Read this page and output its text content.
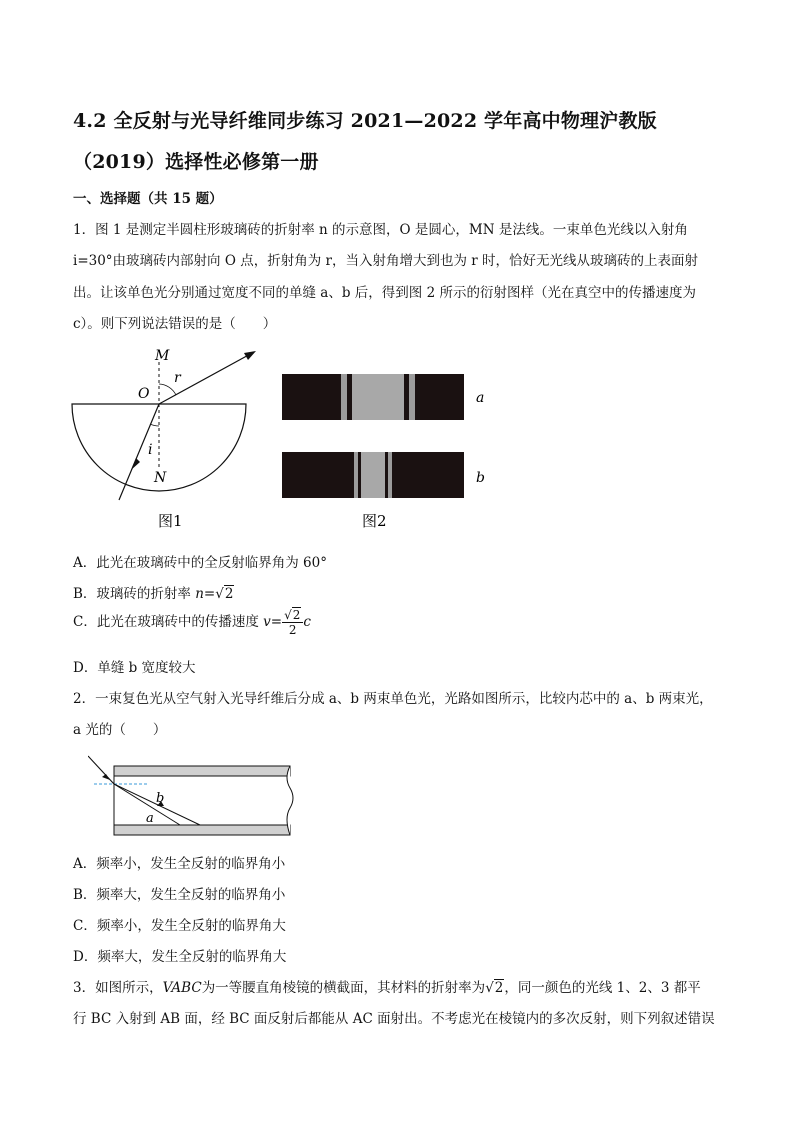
4.2 全反射与光导纤维同步练习 2021—2022 学年高中物理沪教版
（2019）选择性必修第一册
一、选择题（共 15 题）
1．图 1 是测定半圆柱形玻璃砖的折射率 n 的示意图，O 是圆心，MN 是法线。一束单色光线以入射角
i=30°由玻璃砖内部射向 O 点，折射角为 r，当入射角增大到也为 r 时，恰好无光线从玻璃砖的上表面射
出。让该单色光分别通过宽度不同的单缝 a、b 后，得到图 2 所示的衍射图样（光在真空中的传播速度为
c）。则下列说法错误的是（　　）
M
O
r
i
N
图1
a
b
图2
A．此光在玻璃砖中的全反射临界角为 60°
B．玻璃砖的折射率 n=√2
C．此光在玻璃砖中的传播速度 $v= \frac{√2}{2}$ c
D．单缝 b 宽度较大
2．一束复色光从空气射入光导纤维后分成 a、b 两束单色光，光路如图所示，比较内芯中的 a、b 两束光，
a 光的（　　）
b
a
A．频率小，发生全反射的临界角小
B．频率大，发生全反射的临界角小
C．频率小，发生全反射的临界角大
D．频率大，发生全反射的临界角大
3．如图所示，VABC为一等腰直角棱镜的横截面，其材料的折射率为√2，同一颜色的光线 1、2、3 都平
行 BC 入射到 AB 面，经 BC 面反射后都能从 AC 面射出。不考虑光在棱镜内的多次反射，则下列叙述错误
